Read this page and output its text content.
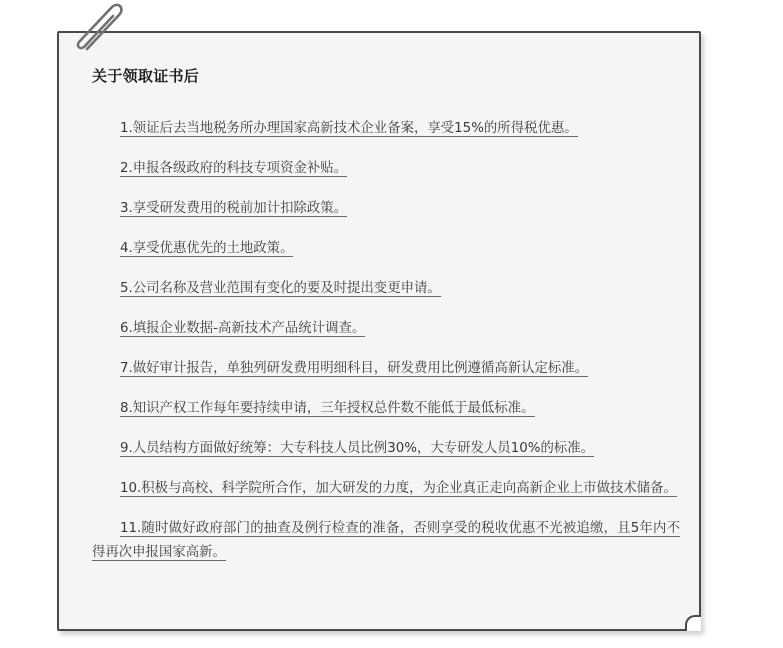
关于领取证书后
1.领证后去当地税务所办理国家高新技术企业备案，享受15%的所得税优惠。
2.申报各级政府的科技专项资金补贴。
3.享受研发费用的税前加计扣除政策。
4.享受优惠优先的土地政策。
5.公司名称及营业范围有变化的要及时提出变更申请。
6.填报企业数据-高新技术产品统计调查。
7.做好审计报告，单独列研发费用明细科目，研发费用比例遵循高新认定标准。
8.知识产权工作每年要持续申请，三年授权总件数不能低于最低标准。
9.人员结构方面做好统筹：大专科技人员比例30%，大专研发人员10%的标准。
10.积极与高校、科学院所合作，加大研发的力度，为企业真正走向高新企业上市做技术储备。
11.随时做好政府部门的抽查及例行检查的准备，否则享受的税收优惠不光被追缴，且5年内不得再次申报国家高新。
